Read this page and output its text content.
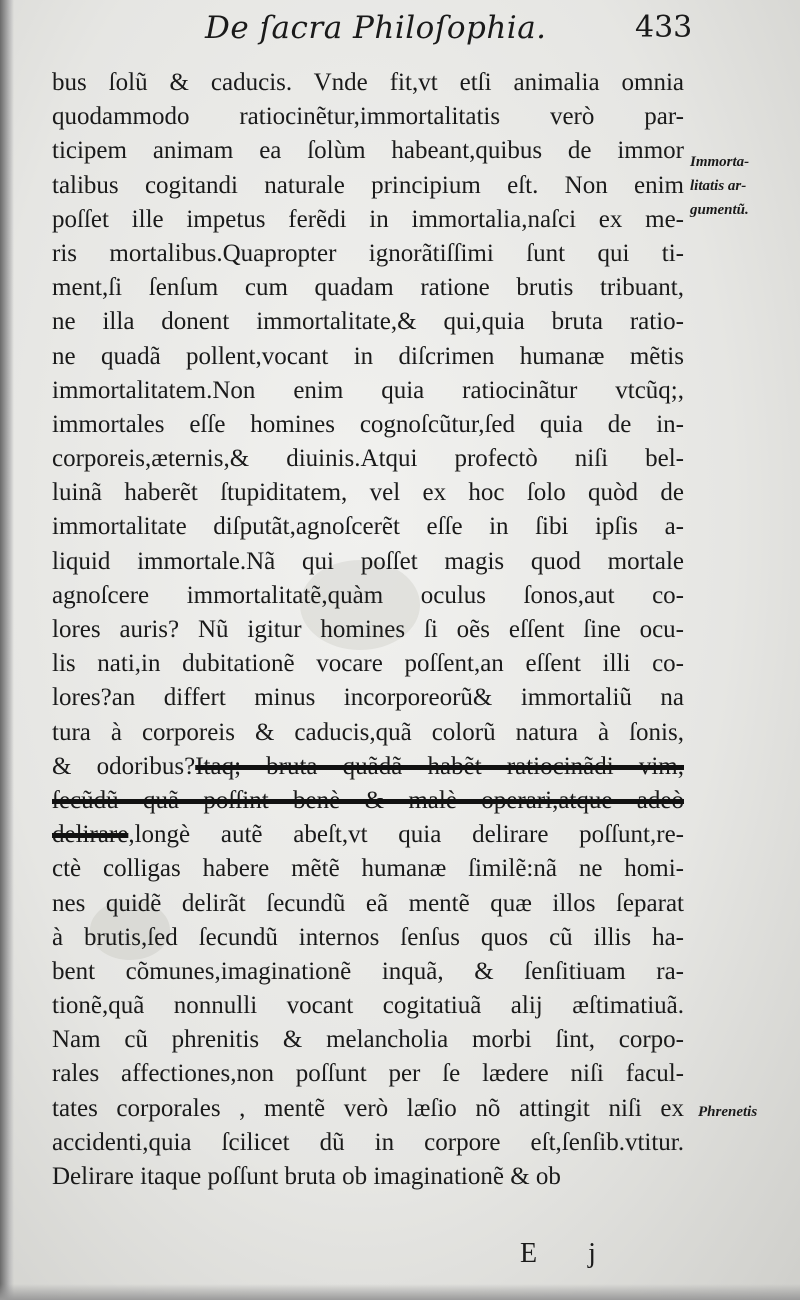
De ſacra Philoſophia.	433
bus ſolũ & caducis. Vnde fit,vt etſi animalia omnia
quodammodo ratiocinẽtur,immortalitatis verò par-
ticipem animam ea ſolùm habeant,quibus de immor
talibus cogitandi naturale principium eſt. Non enim
poſſet ille impetus ferẽdi in immortalia,naſci ex me-
ris mortalibus.Quapropter ignorãtiſſimi ſunt qui ti-
ment,ſi ſenſum cum quadam ratione brutis tribuant,
ne illa donent immortalitate,& qui,quia bruta ratio-
ne quadã pollent,vocant in diſcrimen humanæ mẽtis
immortalitatem.Non enim quia ratiocinãtur vtcũq;,
immortales eſſe homines cognoſcũtur,ſed quia de in-
corporeis,æternis,& diuinis.Atqui profectò niſi bel-
luinã haberẽt ſtupiditatem, vel ex hoc ſolo quòd de
immortalitate diſputãt,agnoſcerẽt eſſe in ſibi ipſis a-
liquid immortale.Nã qui poſſet magis quod mortale
agnoſcere immortalitatẽ,quàm oculus ſonos,aut co-
lores auris? Nũ igitur homines ſi oẽs eſſent ſine ocu-
lis nati,in dubitationẽ vocare poſſent,an eſſent illi co-
lores?an differt minus incorporeorũ& immortaliũ na
tura à corporeis & caducis,quã colorũ natura à ſonis,
& odoribus?Itaq; bruta quãdã habẽt ratiocinãdi vim,
ſecũdũ quã poſſint benè & malè operari,atque adeò
delirare,longè autẽ abeſt,vt quia delirare poſſunt,re-
ctè colligas habere mẽtẽ humanæ ſimilẽ:nã ne homi-
nes quidẽ delirãt ſecundũ eã mentẽ quæ illos ſeparat
à brutis,ſed ſecundũ internos ſenſus quos cũ illis ha-
bent cõmunes,imaginationẽ inquã, & ſenſitiuam ra-
tionẽ,quã nonnulli vocant cogitatiuã alij æſtimatiuã.
Nam cũ phrenitis & melancholia morbi ſint, corpo-
rales affectiones,non poſſunt per ſe lædere niſi facul-
tates corporales , mentẽ verò læſio nõ attingit niſi ex
accidenti,quia ſcilicet dũ in corpore eſt,ſenſib.vtitur.
Delirare itaque poſſunt bruta ob imaginationẽ & ob
Immorta-
litatis ar-
gumentũ.
Phrenetis
E j
